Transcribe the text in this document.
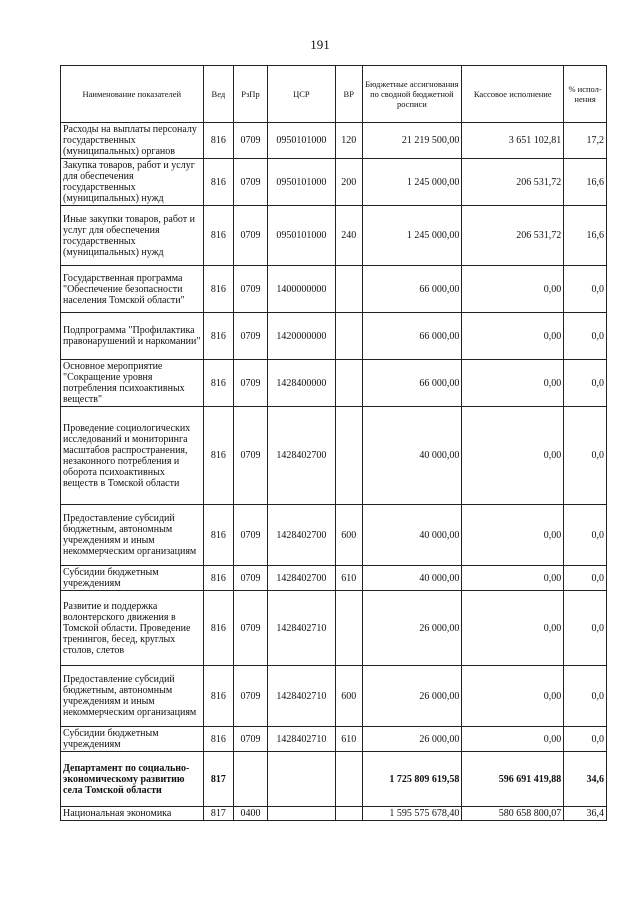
191
Наименование показателей	Вед	РзПр	ЦСР	ВР	Бюджетные ассигнования по сводной бюджетной росписи	Кассовое исполнение	% испол-нения
Расходы на выплаты персоналу государственных (муниципальных) органов	816	0709	0950101000	120	21 219 500,00	3 651 102,81	17,2
Закупка товаров, работ и услуг для обеспечения государственных (муниципальных) нужд	816	0709	0950101000	200	1 245 000,00	206 531,72	16,6
Иные закупки товаров, работ и услуг для обеспечения государственных (муниципальных) нужд	816	0709	0950101000	240	1 245 000,00	206 531,72	16,6
Государственная программа "Обеспечение безопасности населения Томской области"	816	0709	1400000000		66 000,00	0,00	0,0
Подпрограмма "Профилактика правонарушений и наркомании"	816	0709	1420000000		66 000,00	0,00	0,0
Основное мероприятие "Сокращение уровня потребления психоактивных веществ"	816	0709	1428400000		66 000,00	0,00	0,0
Проведение социологических исследований и мониторинга масштабов распространения, незаконного потребления и оборота психоактивных веществ в Томской области	816	0709	1428402700		40 000,00	0,00	0,0
Предоставление субсидий бюджетным, автономным учреждениям и иным некоммерческим организациям	816	0709	1428402700	600	40 000,00	0,00	0,0
Субсидии бюджетным учреждениям	816	0709	1428402700	610	40 000,00	0,00	0,0
Развитие и поддержка волонтерского движения в Томской области. Проведение тренингов, бесед, круглых столов, слетов	816	0709	1428402710		26 000,00	0,00	0,0
Предоставление субсидий бюджетным, автономным учреждениям и иным некоммерческим организациям	816	0709	1428402710	600	26 000,00	0,00	0,0
Субсидии бюджетным учреждениям	816	0709	1428402710	610	26 000,00	0,00	0,0
Департамент по социально-экономическому развитию села Томской области	817				1 725 809 619,58	596 691 419,88	34,6
Национальная экономика	817	0400			1 595 575 678,40	580 658 800,07	36,4
